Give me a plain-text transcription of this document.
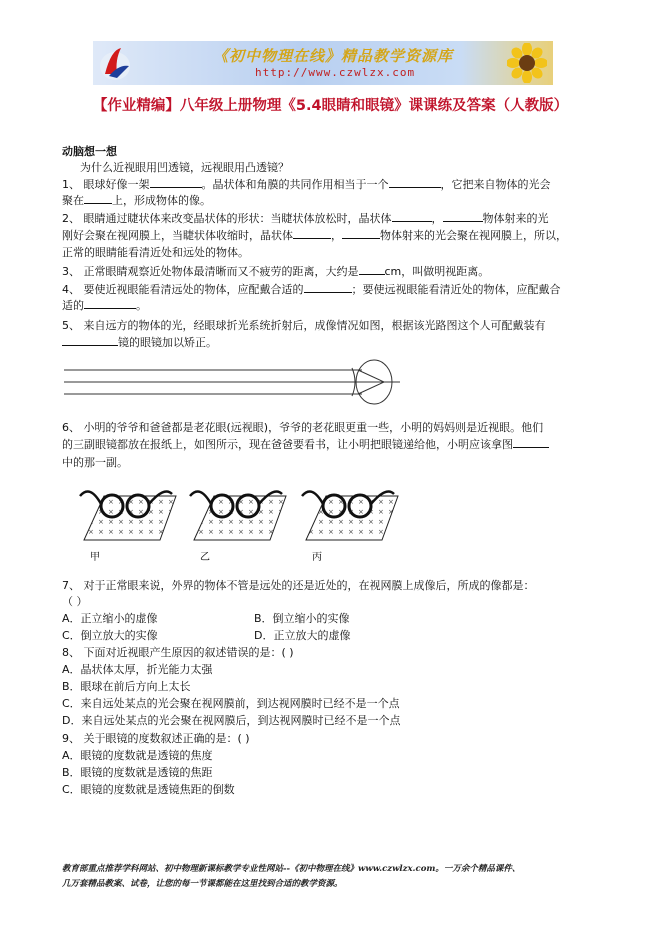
《初中物理在线》精品教学资源库
http://www.czwlzx.com
【作业精编】八年级上册物理《5.4眼睛和眼镜》课课练及答案（人教版）
动脑想一想
为什么近视眼用凹透镜，远视眼用凸透镜？
1、 眼球好像一架	。晶状体和角膜的共同作用相当于一个	，它把来自物体的光会
聚在	上，形成物体的像。
2、 眼睛通过睫状体来改变晶状体的形状：当睫状体放松时，晶状体	，	物体射来的光
刚好会聚在视网膜上，当睫状体收缩时，晶状体	，	物体射来的光会聚在视网膜上，所以，
正常的眼睛能看清近处和远处的物体。
3、 正常眼睛观察近处物体最清晰而又不疲劳的距离，大约是 cm，叫做明视距离。
4、 要使近视眼能看清远处的物体，应配戴合适的	；要使远视眼能看清近处的物体，应配戴合
适的	。
5、 来自远方的物体的光，经眼球折光系统折射后，成像情况如图，根据该光路图这个人可配戴装有
镜的眼镜加以矫正。
6、 小明的爷爷和爸爸都是老花眼(远视眼)，爷爷的老花眼更重一些，小明的妈妈则是近视眼。他们
的三副眼镜都放在报纸上，如图所示，现在爸爸要看书，让小明把眼镜递给他，小明应该拿图
中的那一副。
甲	乙	丙
7、 对于正常眼来说，外界的物体不管是远处的还是近处的，在视网膜上成像后，所成的像都是：
（ ）
A．正立缩小的虚像	B．倒立缩小的实像
C．倒立放大的实像	D．正立放大的虚像
8、 下面对近视眼产生原因的叙述错误的是：( )
A．晶状体太厚，折光能力太强
B．眼球在前后方向上太长
C．来自远处某点的光会聚在视网膜前，到达视网膜时已经不是一个点
D．来自远处某点的光会聚在视网膜后，到达视网膜时已经不是一个点
9、 关于眼镜的度数叙述正确的是：( )
A．眼镜的度数就是透镜的焦度
B．眼镜的度数就是透镜的焦距
C．眼镜的度数就是透镜焦距的倒数
教育部重点推荐学科网站、初中物理新课标教学专业性网站--《初中物理在线》www.czwlzx.com。一万余个精品课件、
几万套精品教案、试卷，让您的每一节课都能在这里找到合适的教学资源。
